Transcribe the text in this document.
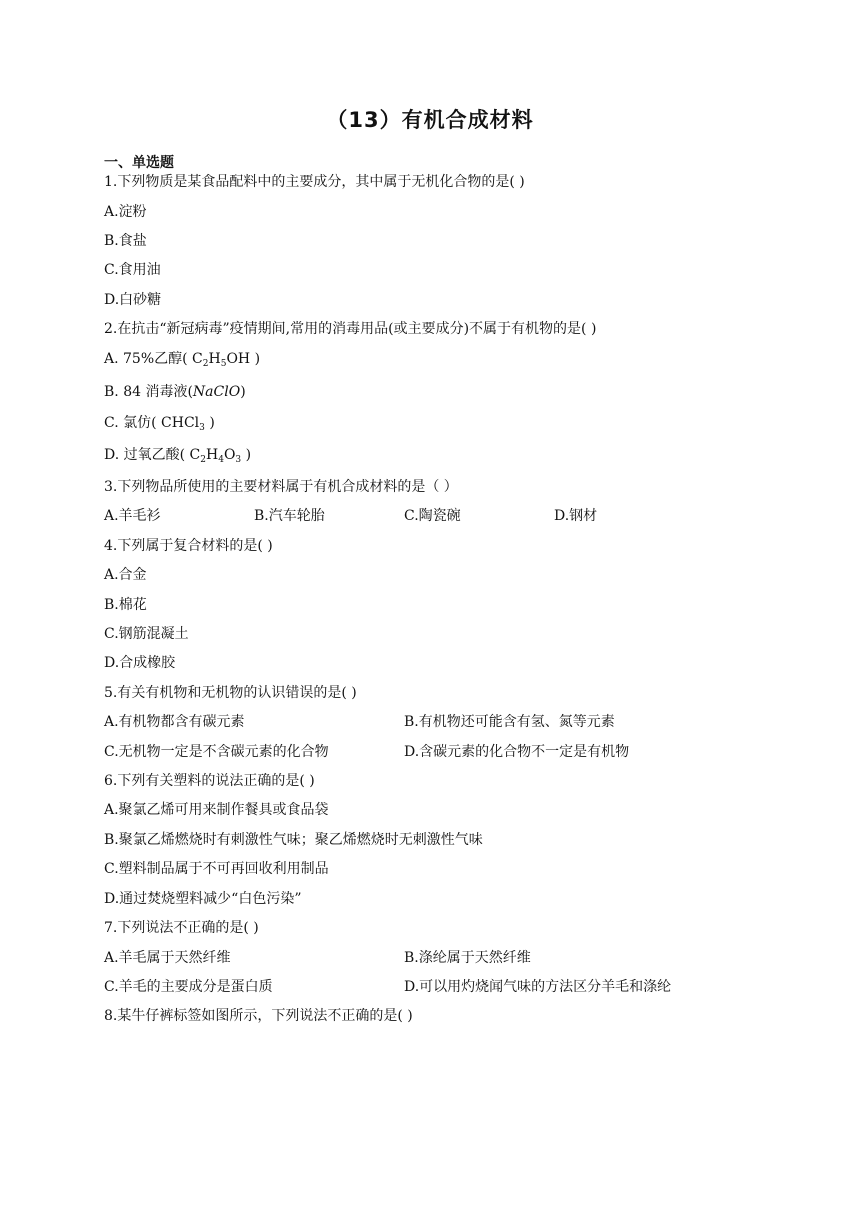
（13）有机合成材料
一、单选题
1.下列物质是某食品配料中的主要成分，其中属于无机化合物的是( )
A.淀粉
B.食盐
C.食用油
D.白砂糖
2.在抗击“新冠病毒”疫情期间,常用的消毒用品(或主要成分)不属于有机物的是( )
A. 75%乙醇( $C_2H_5OH$ )
B. 84 消毒液(NaClO)
C. 氯仿( CHCl$_3$ )
D. 过氧乙酸( $C_2H_4O_3$ )
3.下列物品所使用的主要材料属于有机合成材料的是（ ）
A.羊毛衫	B.汽车轮胎	C.陶瓷碗	D.钢材
4.下列属于复合材料的是( )
A.合金
B.棉花
C.钢筋混凝土
D.合成橡胶
5.有关有机物和无机物的认识错误的是( )
A.有机物都含有碳元素	B.有机物还可能含有氢、氮等元素
C.无机物一定是不含碳元素的化合物	D.含碳元素的化合物不一定是有机物
6.下列有关塑料的说法正确的是( )
A.聚氯乙烯可用来制作餐具或食品袋
B.聚氯乙烯燃烧时有刺激性气味；聚乙烯燃烧时无刺激性气味
C.塑料制品属于不可再回收利用制品
D.通过焚烧塑料减少“白色污染”
7.下列说法不正确的是( )
A.羊毛属于天然纤维	B.涤纶属于天然纤维
C.羊毛的主要成分是蛋白质	D.可以用灼烧闻气味的方法区分羊毛和涤纶
8.某牛仔裤标签如图所示，下列说法不正确的是( )
